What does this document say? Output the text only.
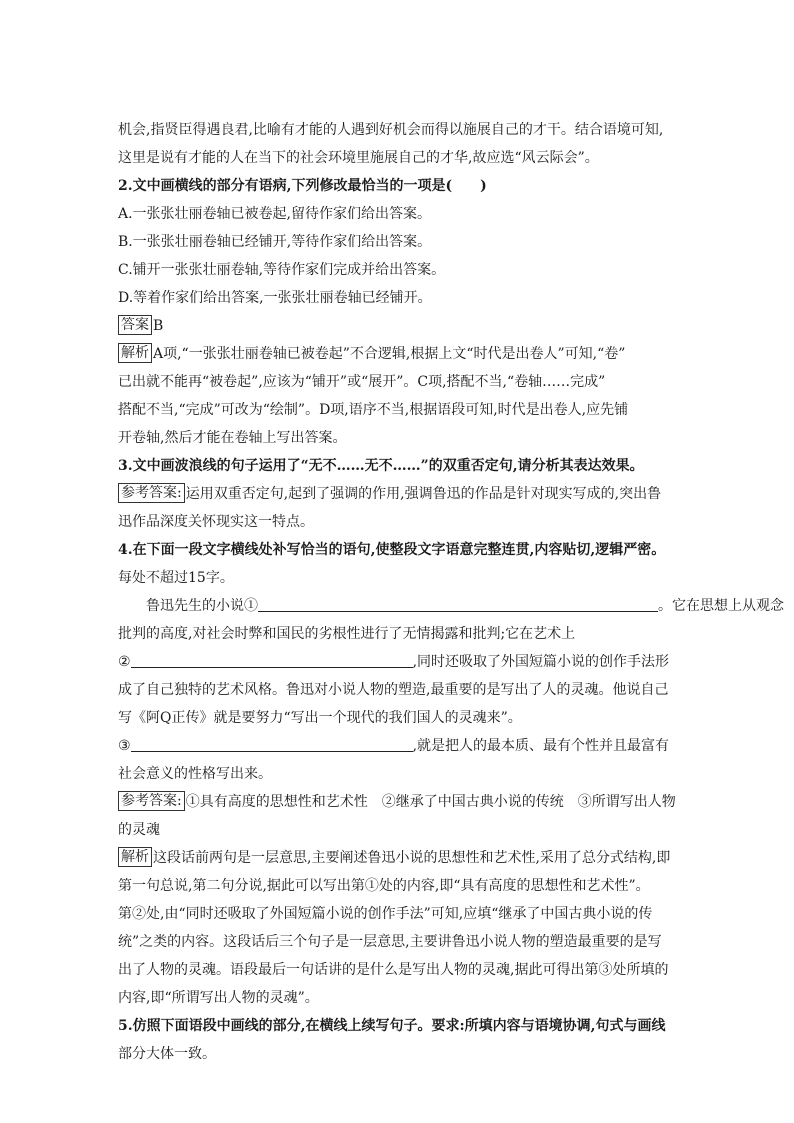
机会,指贤臣得遇良君,比喻有才能的人遇到好机会而得以施展自己的才干。结合语境可知,
这里是说有才能的人在当下的社会环境里施展自己的才华,故应选“风云际会”。
2.文中画横线的部分有语病,下列修改最恰当的一项是(　　)
A.一张张壮丽卷轴已被卷起,留待作家们给出答案。
B.一张张壮丽卷轴已经铺开,等待作家们给出答案。
C.铺开一张张壮丽卷轴,等待作家们完成并给出答案。
D.等着作家们给出答案,一张张壮丽卷轴已经铺开。
答案 B
解析 A项,“一张张壮丽卷轴已被卷起”不合逻辑,根据上文“时代是出卷人”可知,“卷”
已出就不能再“被卷起”,应该为“铺开”或“展开”。C项,搭配不当,“卷轴……完成”
搭配不当,“完成”可改为“绘制”。D项,语序不当,根据语段可知,时代是出卷人,应先铺
开卷轴,然后才能在卷轴上写出答案。
3.文中画波浪线的句子运用了“无不……无不……”的双重否定句,请分析其表达效果。
参考答案: 运用双重否定句,起到了强调的作用,强调鲁迅的作品是针对现实写成的,突出鲁
迅作品深度关怀现实这一特点。
4.在下面一段文字横线处补写恰当的语句,使整段文字语意完整连贯,内容贴切,逻辑严密。
每处不超过15字。
鲁迅先生的小说①	。它在思想上从观念
批判的高度,对社会时弊和国民的劣根性进行了无情揭露和批判;它在艺术上
②	,同时还吸取了外国短篇小说的创作手法形
成了自己独特的艺术风格。鲁迅对小说人物的塑造,最重要的是写出了人的灵魂。他说自己
写《阿Q正传》就是要努力“写出一个现代的我们国人的灵魂来”。
③	,就是把人的最本质、最有个性并且最富有
社会意义的性格写出来。
参考答案: ①具有高度的思想性和艺术性　②继承了中国古典小说的传统　③所谓写出人物
的灵魂
解析 这段话前两句是一层意思,主要阐述鲁迅小说的思想性和艺术性,采用了总分式结构,即
第一句总说,第二句分说,据此可以写出第①处的内容,即“具有高度的思想性和艺术性”。
第②处,由“同时还吸取了外国短篇小说的创作手法”可知,应填“继承了中国古典小说的传
统”之类的内容。这段话后三个句子是一层意思,主要讲鲁迅小说人物的塑造最重要的是写
出了人物的灵魂。语段最后一句话讲的是什么是写出人物的灵魂,据此可得出第③处所填的
内容,即“所谓写出人物的灵魂”。
5.仿照下面语段中画线的部分,在横线上续写句子。要求:所填内容与语境协调,句式与画线
部分大体一致。
